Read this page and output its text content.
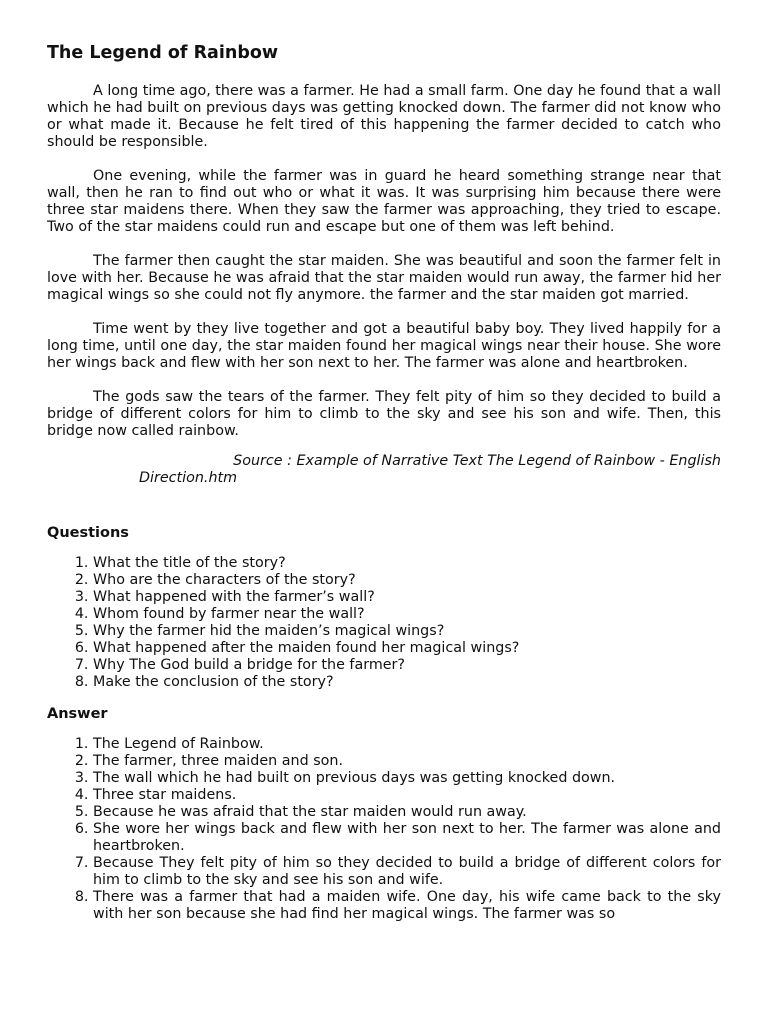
The Legend of Rainbow

A long time ago, there was a farmer. He had a small farm. One day he found that a wall which he had built on previous days was getting knocked down. The farmer did not know who or what made it. Because he felt tired of this happening the farmer decided to catch who should be responsible.

One evening, while the farmer was in guard he heard something strange near that wall, then he ran to find out who or what it was. It was surprising him because there were three star maidens there. When they saw the farmer was approaching, they tried to escape. Two of the star maidens could run and escape but one of them was left behind.

The farmer then caught the star maiden. She was beautiful and soon the farmer felt in love with her. Because he was afraid that the star maiden would run away, the farmer hid her magical wings so she could not fly anymore. the farmer and the star maiden got married.

Time went by they live together and got a beautiful baby boy. They lived happily for a long time, until one day, the star maiden found her magical wings near their house. She wore her wings back and flew with her son next to her. The farmer was alone and heartbroken.

The gods saw the tears of the farmer. They felt pity of him so they decided to build a bridge of different colors for him to climb to the sky and see his son and wife. Then, this bridge now called rainbow.

Source : Example of Narrative Text The Legend of Rainbow - English
Direction.htm
Questions
1. What the title of the story?
2. Who are the characters of the story?
3. What happened with the farmer’s wall?
4. Whom found by farmer near the wall?
5. Why the farmer hid the maiden’s magical wings?
6. What happened after the maiden found her magical wings?
7. Why The God build a bridge for the farmer?
8. Make the conclusion of the story?
Answer
1. The Legend of Rainbow.
2. The farmer, three maiden and son.
3. The wall which he had built on previous days was getting knocked down.
4. Three star maidens.
5. Because he was afraid that the star maiden would run away.
6. She wore her wings back and flew with her son next to her. The farmer was alone and heartbroken.
7. Because They felt pity of him so they decided to build a bridge of different colors for him to climb to the sky and see his son and wife.
8. There was a farmer that had a maiden wife. One day, his wife came back to the sky with her son because she had find her magical wings. The farmer was so
